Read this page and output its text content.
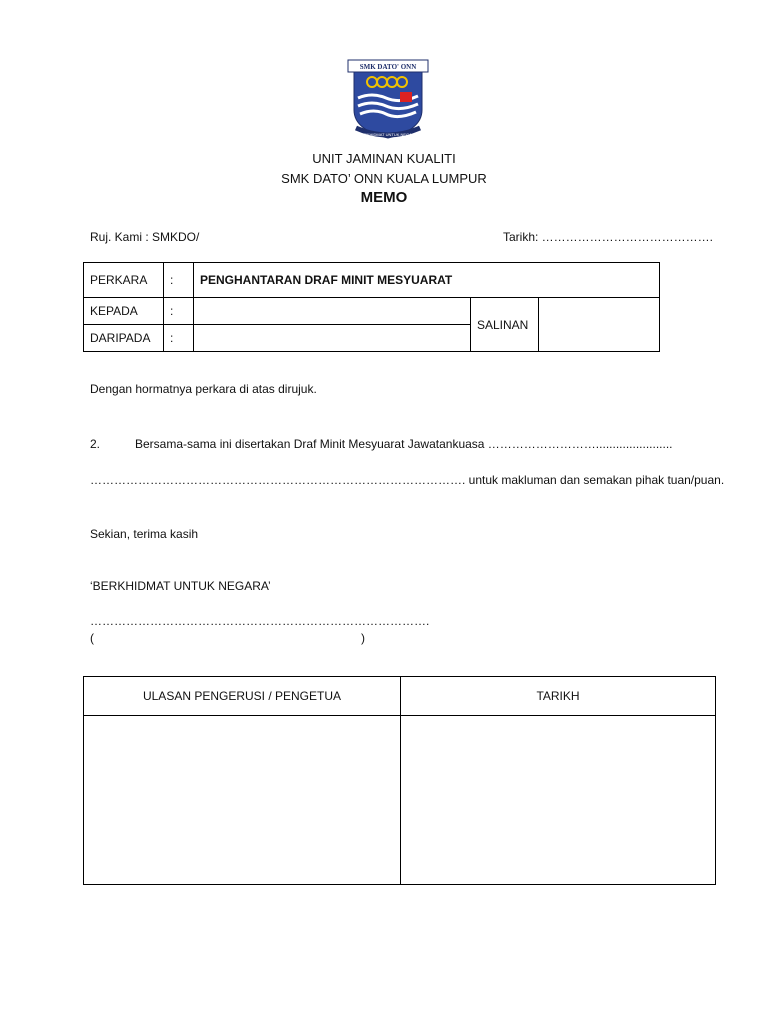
SMK DATO' ONN
BERKHIDMAT UNTUK NEGARA
UNIT JAMINAN KUALITI
SMK DATO’ ONN KUALA LUMPUR
MEMO
Ruj. Kami : SMKDO/	Tarikh: …………………………………….
PERKARA	:	PENGHANTARAN DRAF MINIT MESYUARAT		
KEPADA	:		SALINAN	
DARIPADA	:			
Dengan hormatnya perkara di atas dirujuk.
2.	Bersama-sama ini disertakan Draf Minit Mesyuarat Jawatankuasa ……………………….......................
…………………………………………………………………………………. untuk makluman dan semakan pihak tuan/puan.
Sekian, terima kasih
‘BERKHIDMAT UNTUK NEGARA’
………………………………………………………………………….
(	)
ULASAN PENGERUSI / PENGETUA	TARIKH
